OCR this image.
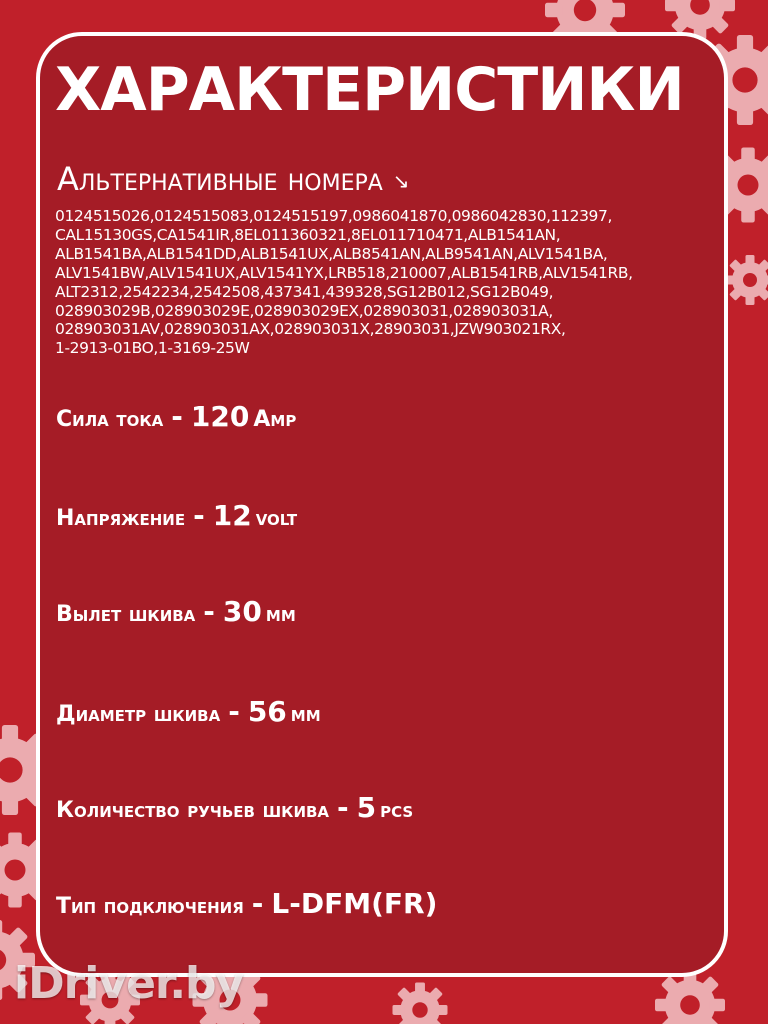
ХАРАКТЕРИСТИКИ
Альтернативные номера ↘
0124515026,0124515083,0124515197,0986041870,0986042830,112397,
CAL15130GS,CA1541IR,8EL011360321,8EL011710471,ALB1541AN,
ALB1541BA,ALB1541DD,ALB1541UX,ALB8541AN,ALB9541AN,ALV1541BA,
ALV1541BW,ALV1541UX,ALV1541YX,LRB518,210007,ALB1541RB,ALV1541RB,
ALT2312,2542234,2542508,437341,439328,SG12B012,SG12B049,
028903029B,028903029E,028903029EX,028903031,028903031A,
028903031AV,028903031AX,028903031X,28903031,JZW903021RX,
1-2913-01BO,1-3169-25W
Сила тока - 120 Amp
Напряжение - 12 volt
Вылет шкива - 30 мм
Диаметр шкива - 56 мм
Количество ручьев шкива - 5 pcs
Тип подключения - L-DFM(FR)
iDriver.by
